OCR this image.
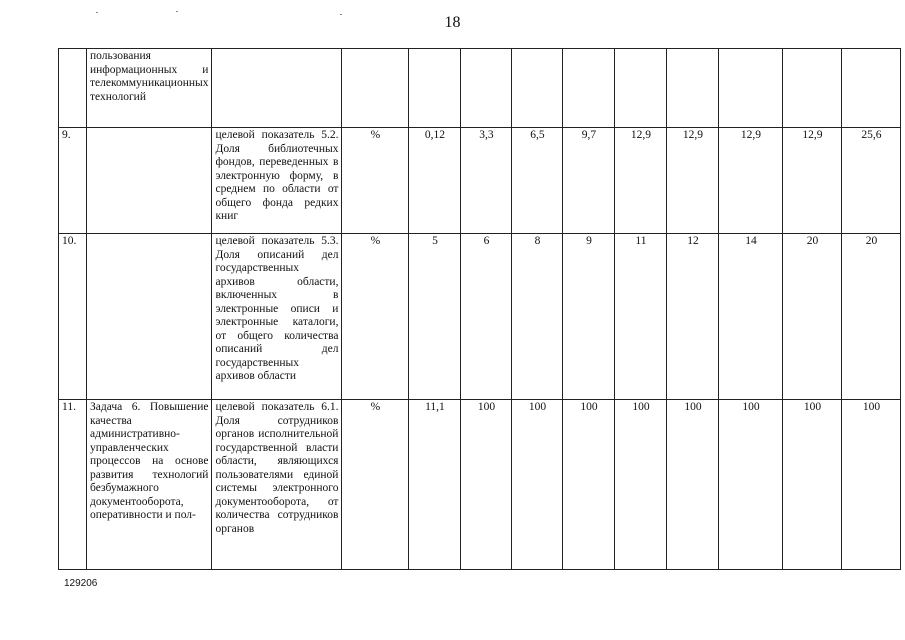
18
	пользования информационных и телекоммуникационных технологий											
9.		целевой показатель 5.2. Доля библиотечных фондов, переведенных в электронную форму, в среднем по области от общего фонда редких книг	%	0,12	3,3	6,5	9,7	12,9	12,9	12,9	12,9	25,6
10.		целевой показатель 5.3. Доля описаний дел государственных архивов области, включенных в электронные описи и электронные каталоги, от общего количества описаний дел государственных архивов области	%	5	6	8	9	11	12	14	20	20
11.	Задача 6. Повышение качества административно-управленческих процессов на основе развития технологий безбумажного документооборота, оперативности и пол-	целевой показатель 6.1. Доля сотрудников органов исполнительной государственной власти области, являющихся пользователями единой системы электронного документооборота, от количества сотрудников органов	%	11,1	100	100	100	100	100	100	100	100
129206
